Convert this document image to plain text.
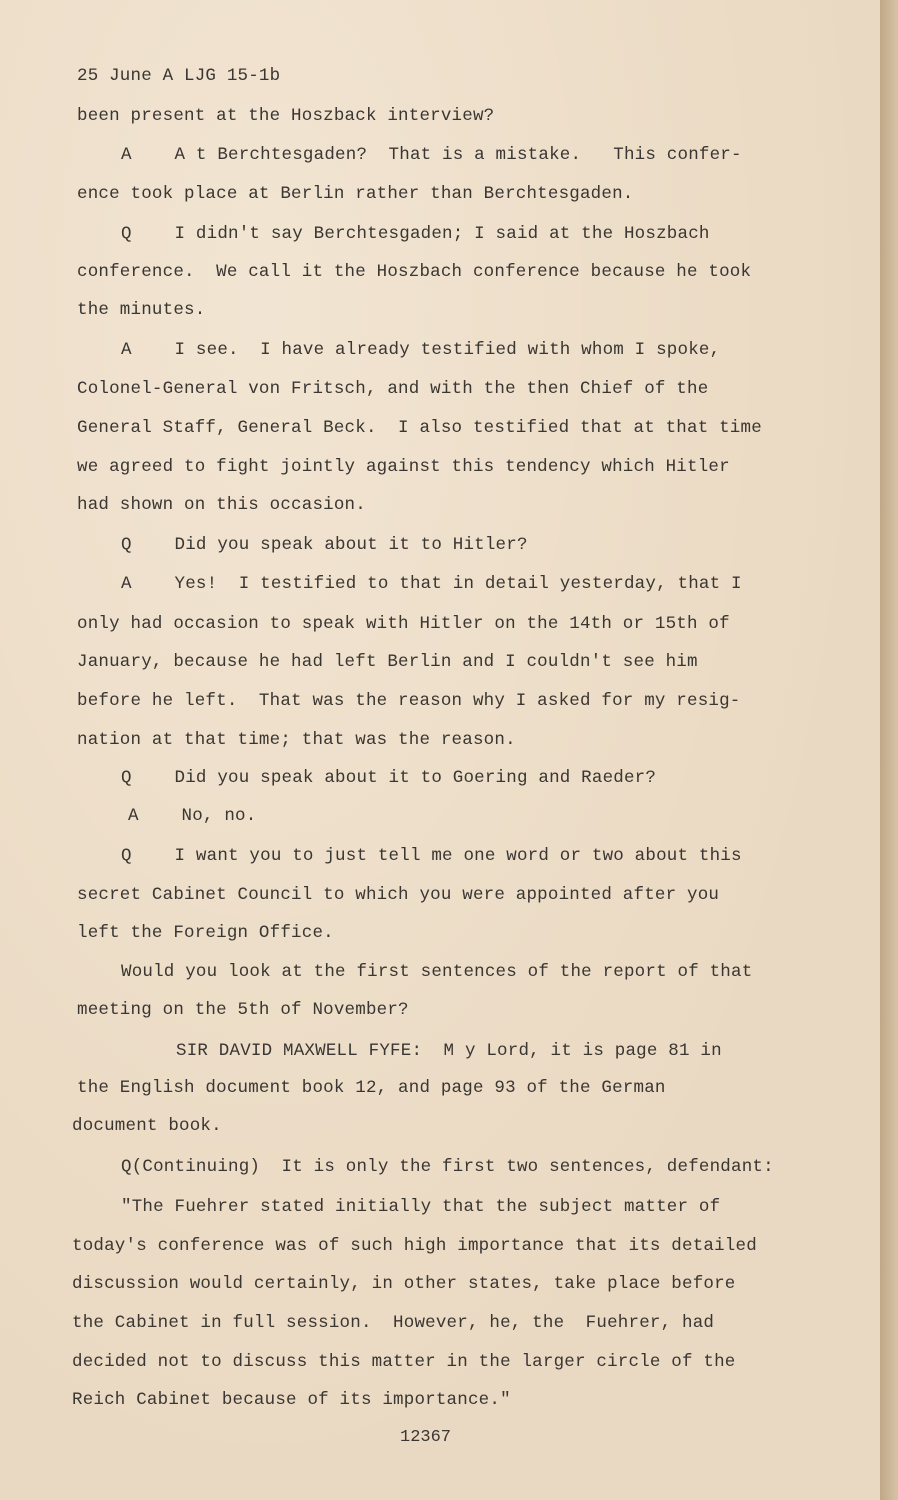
25 June A LJG 15-1b

been present at the Hoszback interview?

A    A t Berchtesgaden?  That is a mistake.   This confer-

ence took place at Berlin rather than Berchtesgaden.

Q    I didn't say Berchtesgaden; I said at the Hoszbach

conference.  We call it the Hoszbach conference because he took

the minutes.

A    I see.  I have already testified with whom I spoke,

Colonel-General von Fritsch, and with the then Chief of the

General Staff, General Beck.  I also testified that at that time

we agreed to fight jointly against this tendency which Hitler

had shown on this occasion.

Q    Did you speak about it to Hitler?

A    Yes!  I testified to that in detail yesterday, that I

only had occasion to speak with Hitler on the 14th or 15th of

January, because he had left Berlin and I couldn't see him

before he left.  That was the reason why I asked for my resig-

nation at that time; that was the reason.

Q    Did you speak about it to Goering and Raeder?

A    No, no.

Q    I want you to just tell me one word or two about this

secret Cabinet Council to which you were appointed after you

left the Foreign Office.

Would you look at the first sentences of the report of that

meeting on the 5th of November?

SIR DAVID MAXWELL FYFE:  M y Lord, it is page 81 in

the English document book 12, and page 93 of the German

document book.

Q(Continuing)  It is only the first two sentences, defendant:

"The Fuehrer stated initially that the subject matter of

today's conference was of such high importance that its detailed

discussion would certainly, in other states, take place before

the Cabinet in full session.  However, he, the  Fuehrer, had

decided not to discuss this matter in the larger circle of the

Reich Cabinet because of its importance."

12367
